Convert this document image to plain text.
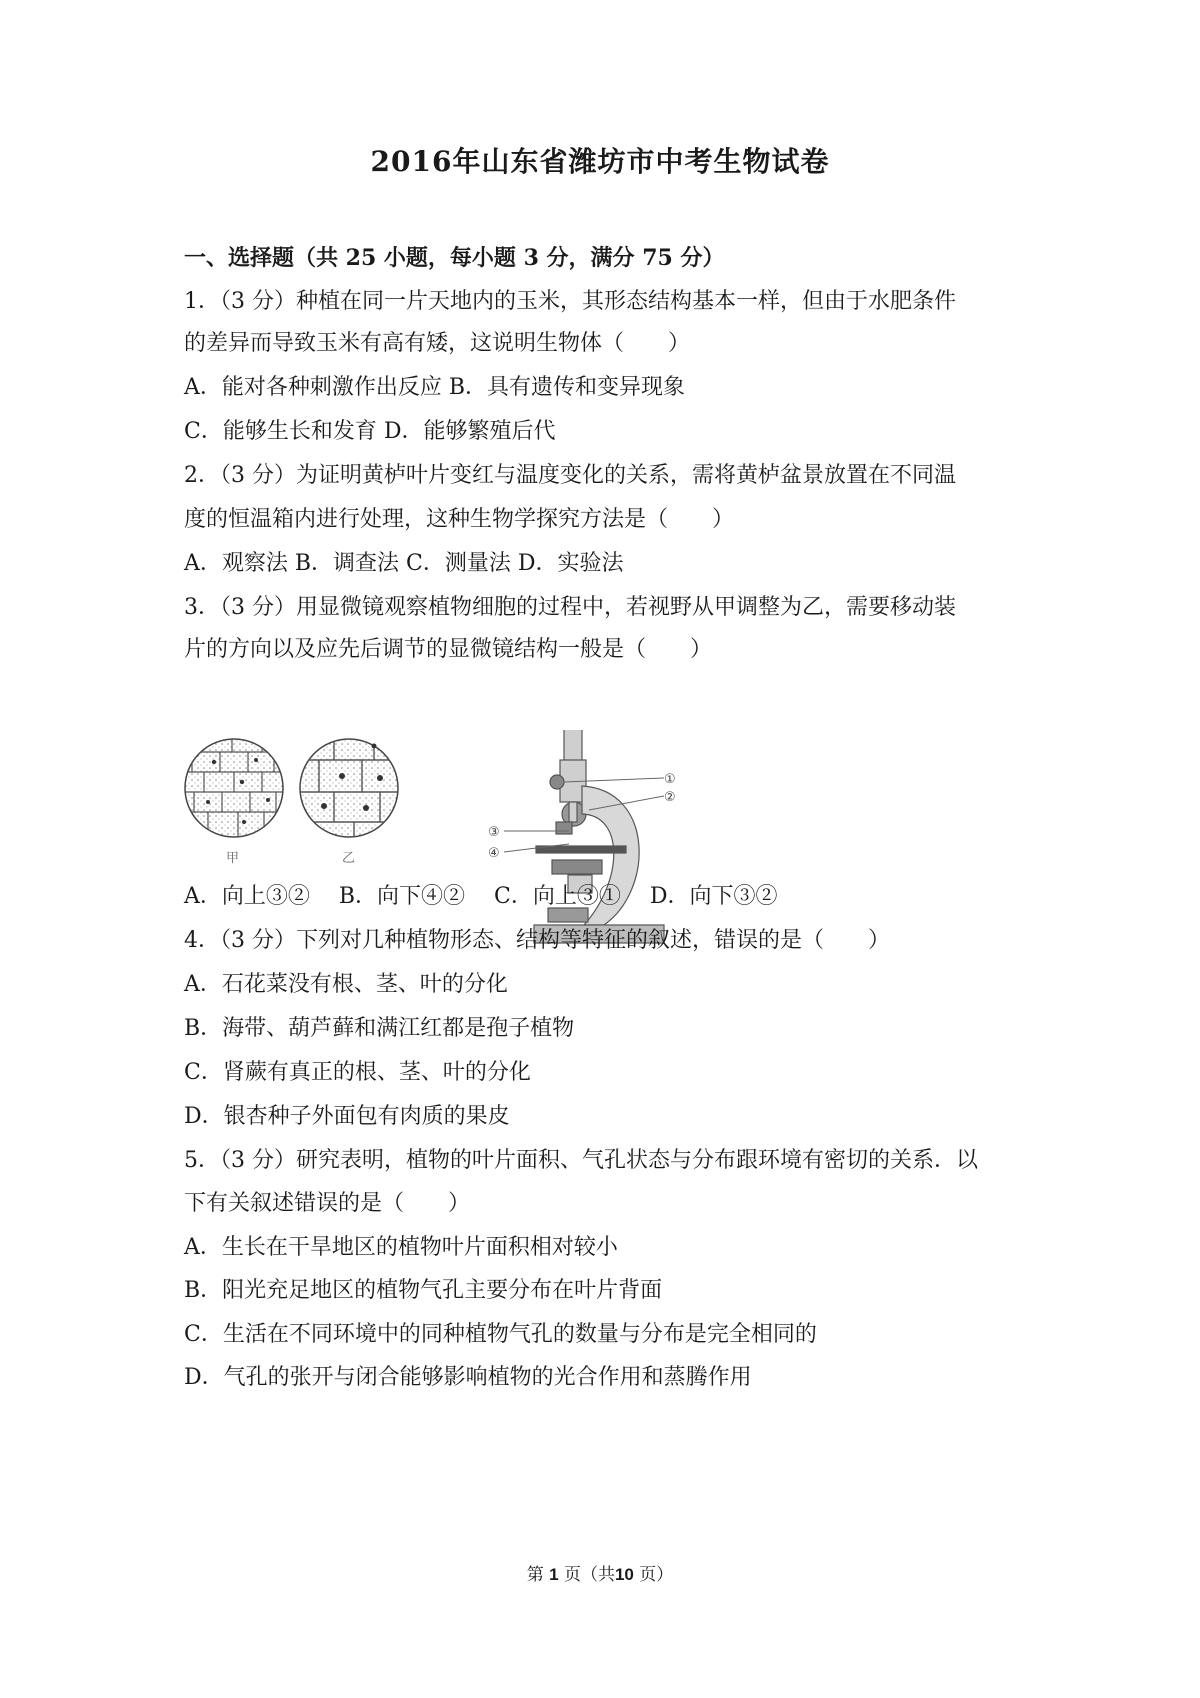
2016年山东省潍坊市中考生物试卷
一、选择题（共 25 小题，每小题 3 分，满分 75 分）
1．（3 分）种植在同一片天地内的玉米，其形态结构基本一样，但由于水肥条件
的差异而导致玉米有高有矮，这说明生物体（　　）
A．能对各种刺激作出反应 B．具有遗传和变异现象
C．能够生长和发育 D．能够繁殖后代
2．（3 分）为证明黄栌叶片变红与温度变化的关系，需将黄栌盆景放置在不同温
度的恒温箱内进行处理，这种生物学探究方法是（　　）
A．观察法 B．调查法 C．测量法 D．实验法
3．（3 分）用显微镜观察植物细胞的过程中，若视野从甲调整为乙，需要移动装
片的方向以及应先后调节的显微镜结构一般是（　　）
甲	乙
①
②
③
④
A．向上③②　 B．向下④②　 C．向上③①　 D．向下③②
4．（3 分）下列对几种植物形态、结构等特征的叙述，错误的是（　　）
A．石花菜没有根、茎、叶的分化
B．海带、葫芦藓和满江红都是孢子植物
C．肾蕨有真正的根、茎、叶的分化
D．银杏种子外面包有肉质的果皮
5．（3 分）研究表明，植物的叶片面积、气孔状态与分布跟环境有密切的关系．以
下有关叙述错误的是（　　）
A．生长在干旱地区的植物叶片面积相对较小
B．阳光充足地区的植物气孔主要分布在叶片背面
C．生活在不同环境中的同种植物气孔的数量与分布是完全相同的
D．气孔的张开与闭合能够影响植物的光合作用和蒸腾作用
第 1 页（共10 页）
